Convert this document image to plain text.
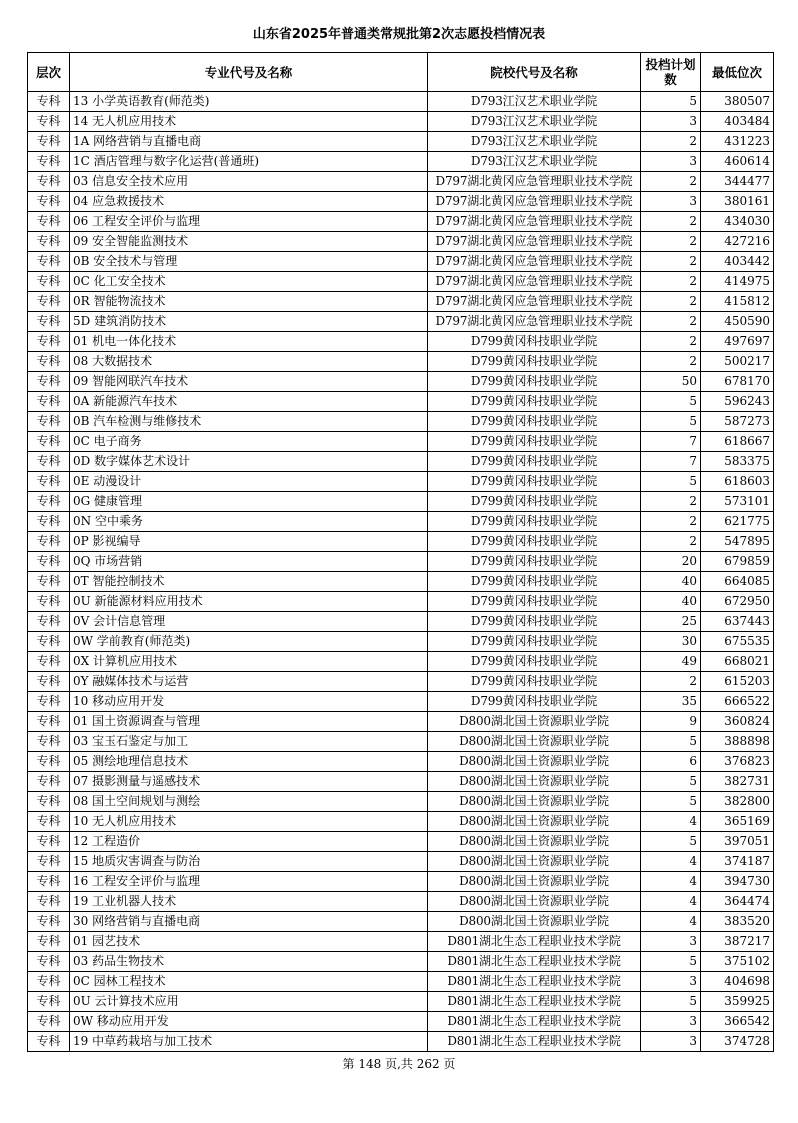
山东省2025年普通类常规批第2次志愿投档情况表
层次	专业代号及名称	院校代号及名称	投档计划数	最低位次
专科	13 小学英语教育(师范类)	D793江汉艺术职业学院	5	380507
专科	14 无人机应用技术	D793江汉艺术职业学院	3	403484
专科	1A 网络营销与直播电商	D793江汉艺术职业学院	2	431223
专科	1C 酒店管理与数字化运营(普通班)	D793江汉艺术职业学院	3	460614
专科	03 信息安全技术应用	D797湖北黄冈应急管理职业技术学院	2	344477
专科	04 应急救援技术	D797湖北黄冈应急管理职业技术学院	3	380161
专科	06 工程安全评价与监理	D797湖北黄冈应急管理职业技术学院	2	434030
专科	09 安全智能监测技术	D797湖北黄冈应急管理职业技术学院	2	427216
专科	0B 安全技术与管理	D797湖北黄冈应急管理职业技术学院	2	403442
专科	0C 化工安全技术	D797湖北黄冈应急管理职业技术学院	2	414975
专科	0R 智能物流技术	D797湖北黄冈应急管理职业技术学院	2	415812
专科	5D 建筑消防技术	D797湖北黄冈应急管理职业技术学院	2	450590
专科	01 机电一体化技术	D799黄冈科技职业学院	2	497697
专科	08 大数据技术	D799黄冈科技职业学院	2	500217
专科	09 智能网联汽车技术	D799黄冈科技职业学院	50	678170
专科	0A 新能源汽车技术	D799黄冈科技职业学院	5	596243
专科	0B 汽车检测与维修技术	D799黄冈科技职业学院	5	587273
专科	0C 电子商务	D799黄冈科技职业学院	7	618667
专科	0D 数字媒体艺术设计	D799黄冈科技职业学院	7	583375
专科	0E 动漫设计	D799黄冈科技职业学院	5	618603
专科	0G 健康管理	D799黄冈科技职业学院	2	573101
专科	0N 空中乘务	D799黄冈科技职业学院	2	621775
专科	0P 影视编导	D799黄冈科技职业学院	2	547895
专科	0Q 市场营销	D799黄冈科技职业学院	20	679859
专科	0T 智能控制技术	D799黄冈科技职业学院	40	664085
专科	0U 新能源材料应用技术	D799黄冈科技职业学院	40	672950
专科	0V 会计信息管理	D799黄冈科技职业学院	25	637443
专科	0W 学前教育(师范类)	D799黄冈科技职业学院	30	675535
专科	0X 计算机应用技术	D799黄冈科技职业学院	49	668021
专科	0Y 融媒体技术与运营	D799黄冈科技职业学院	2	615203
专科	10 移动应用开发	D799黄冈科技职业学院	35	666522
专科	01 国土资源调查与管理	D800湖北国土资源职业学院	9	360824
专科	03 宝玉石鉴定与加工	D800湖北国土资源职业学院	5	388898
专科	05 测绘地理信息技术	D800湖北国土资源职业学院	6	376823
专科	07 摄影测量与遥感技术	D800湖北国土资源职业学院	5	382731
专科	08 国土空间规划与测绘	D800湖北国土资源职业学院	5	382800
专科	10 无人机应用技术	D800湖北国土资源职业学院	4	365169
专科	12 工程造价	D800湖北国土资源职业学院	5	397051
专科	15 地质灾害调查与防治	D800湖北国土资源职业学院	4	374187
专科	16 工程安全评价与监理	D800湖北国土资源职业学院	4	394730
专科	19 工业机器人技术	D800湖北国土资源职业学院	4	364474
专科	30 网络营销与直播电商	D800湖北国土资源职业学院	4	383520
专科	01 园艺技术	D801湖北生态工程职业技术学院	3	387217
专科	03 药品生物技术	D801湖北生态工程职业技术学院	5	375102
专科	0C 园林工程技术	D801湖北生态工程职业技术学院	3	404698
专科	0U 云计算技术应用	D801湖北生态工程职业技术学院	5	359925
专科	0W 移动应用开发	D801湖北生态工程职业技术学院	3	366542
专科	19 中草药栽培与加工技术	D801湖北生态工程职业技术学院	3	374728
第 148 页,共 262 页
